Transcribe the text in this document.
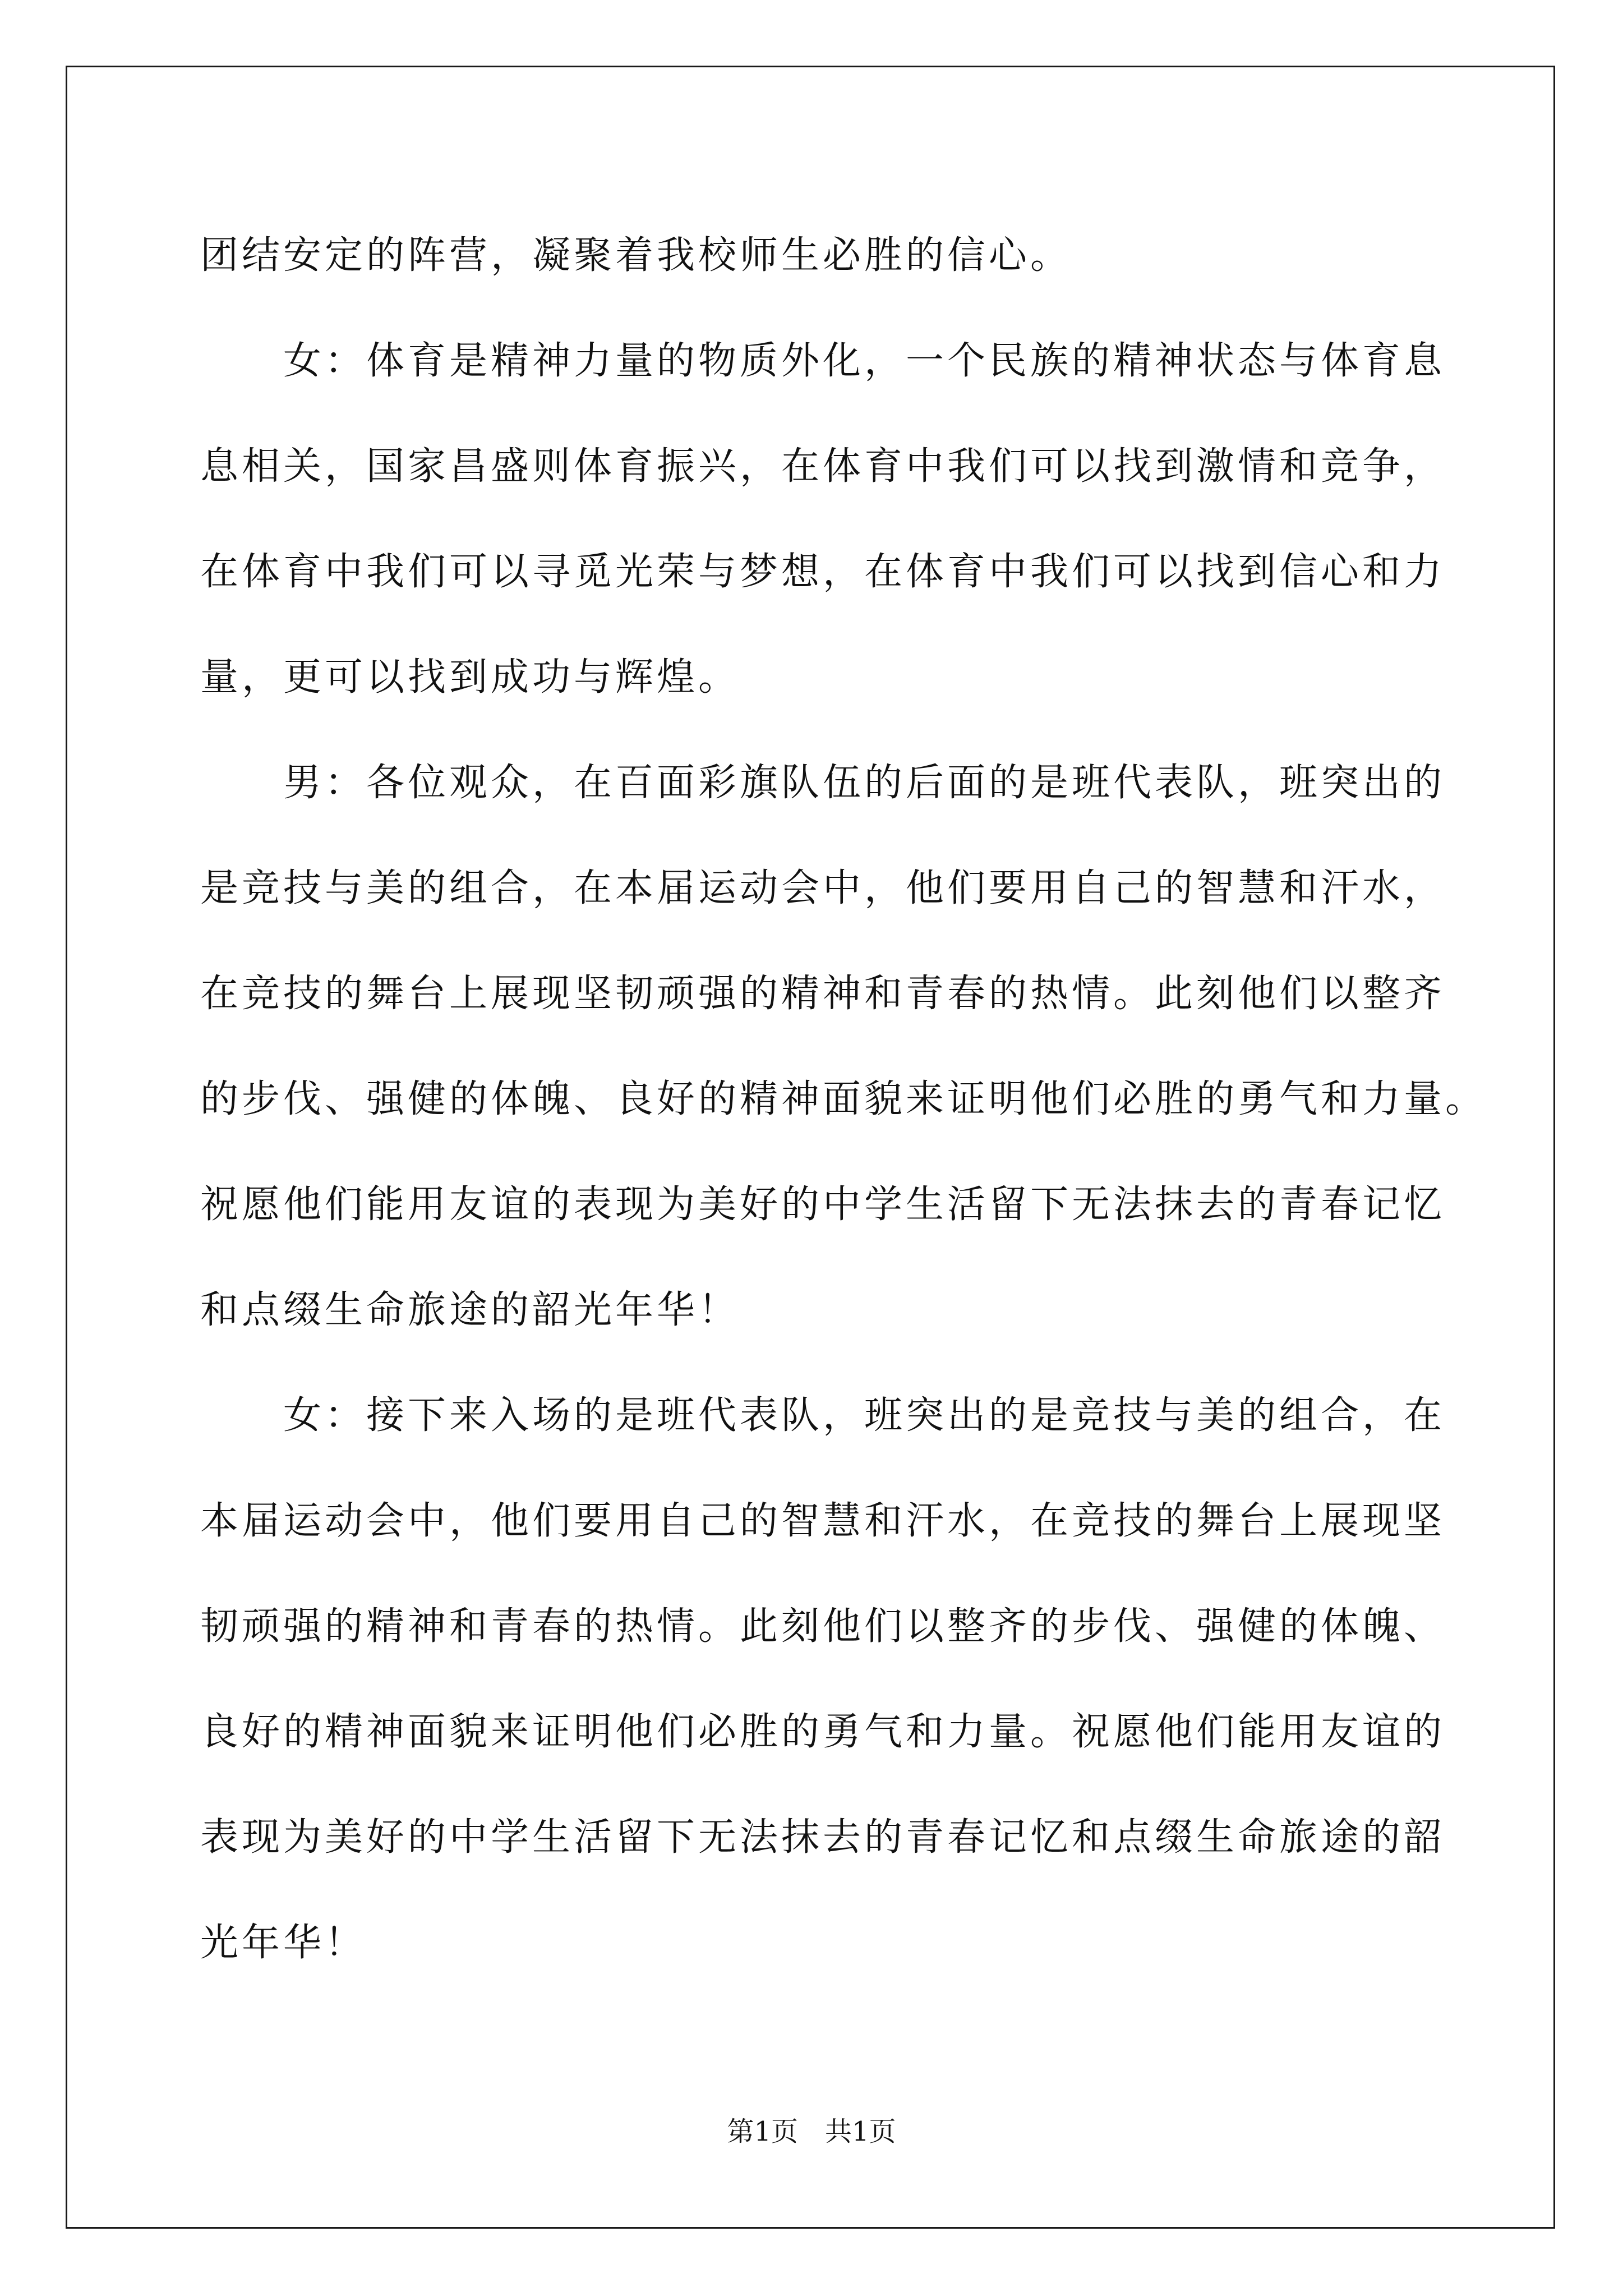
团结安定的阵营，凝聚着我校师生必胜的信心。
　　女：体育是精神力量的物质外化，一个民族的精神状态与体育息
息相关，国家昌盛则体育振兴，在体育中我们可以找到激情和竞争，
在体育中我们可以寻觅光荣与梦想，在体育中我们可以找到信心和力
量，更可以找到成功与辉煌。
　　男：各位观众，在百面彩旗队伍的后面的是班代表队，班突出的
是竞技与美的组合，在本届运动会中，他们要用自己的智慧和汗水，
在竞技的舞台上展现坚韧顽强的精神和青春的热情。此刻他们以整齐
的步伐、强健的体魄、良好的精神面貌来证明他们必胜的勇气和力量。
祝愿他们能用友谊的表现为美好的中学生活留下无法抹去的青春记忆
和点缀生命旅途的韶光年华！
　　女：接下来入场的是班代表队，班突出的是竞技与美的组合，在
本届运动会中，他们要用自己的智慧和汗水，在竞技的舞台上展现坚
韧顽强的精神和青春的热情。此刻他们以整齐的步伐、强健的体魄、
良好的精神面貌来证明他们必胜的勇气和力量。祝愿他们能用友谊的
表现为美好的中学生活留下无法抹去的青春记忆和点缀生命旅途的韶
光年华！
第1页　共1页
